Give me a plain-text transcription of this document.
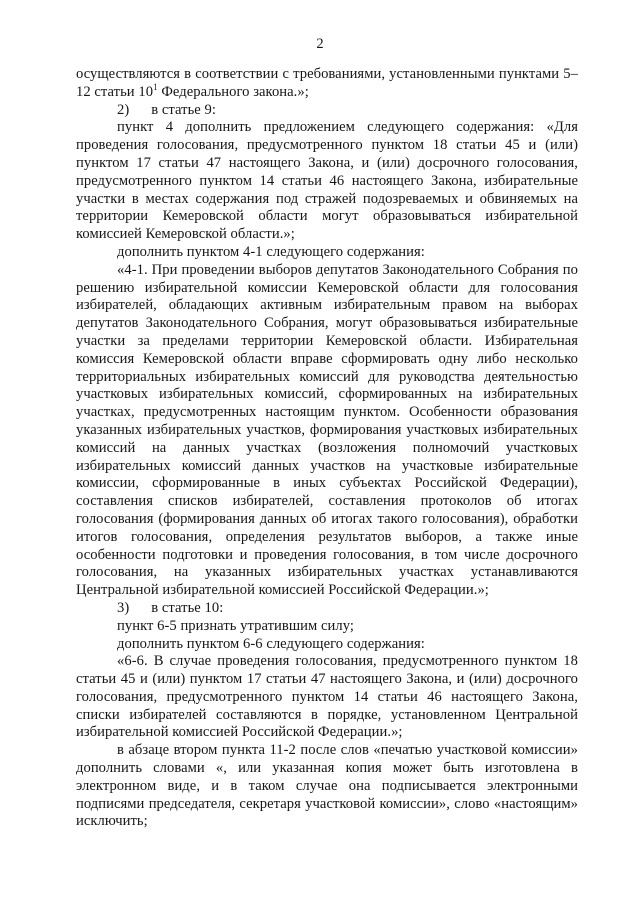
2

осуществляются в соответствии с требованиями, установленными пунктами 5–12 статьи $10^1$ Федерального закона.»;

2)  в статье 9:

пункт 4 дополнить предложением следующего содержания: «Для проведения голосования, предусмотренного пунктом 18 статьи 45 и (или) пунктом 17 статьи 47 настоящего Закона, и (или) досрочного голосования, предусмотренного пунктом 14 статьи 46 настоящего Закона, избирательные участки в местах содержания под стражей подозреваемых и обвиняемых на территории Кемеровской области могут образовываться избирательной комиссией Кемеровской области.»;

дополнить пунктом 4-1 следующего содержания:

«4-1. При проведении выборов депутатов Законодательного Собрания по решению избирательной комиссии Кемеровской области для голосования избирателей, обладающих активным избирательным правом на выборах депутатов Законодательного Собрания, могут образовываться избирательные участки за пределами территории Кемеровской области. Избирательная комиссия Кемеровской области вправе сформировать одну либо несколько территориальных избирательных комиссий для руководства деятельностью участковых избирательных комиссий, сформированных на избирательных участках, предусмотренных настоящим пунктом. Особенности образования указанных избирательных участков, формирования участковых избирательных комиссий на данных участках (возложения полномочий участковых избирательных комиссий данных участков на участковые избирательные комиссии, сформированные в иных субъектах Российской Федерации), составления списков избирателей, составления протоколов об итогах голосования (формирования данных об итогах такого голосования), обработки итогов голосования, определения результатов выборов, а также иные особенности подготовки и проведения голосования, в том числе досрочного голосования, на указанных избирательных участках устанавливаются Центральной избирательной комиссией Российской Федерации.»;

3)  в статье 10:

пункт 6-5 признать утратившим силу;

дополнить пунктом 6-6 следующего содержания:

«6-6. В случае проведения голосования, предусмотренного пунктом 18 статьи 45 и (или) пунктом 17 статьи 47 настоящего Закона, и (или) досрочного голосования, предусмотренного пунктом 14 статьи 46 настоящего Закона, списки избирателей составляются в порядке, установленном Центральной избирательной комиссией Российской Федерации.»;

в абзаце втором пункта 11-2 после слов «печатью участковой комиссии» дополнить словами «, или указанная копия может быть изготовлена в электронном виде, и в таком случае она подписывается электронными подписями председателя, секретаря участковой комиссии», слово «настоящим» исключить;
